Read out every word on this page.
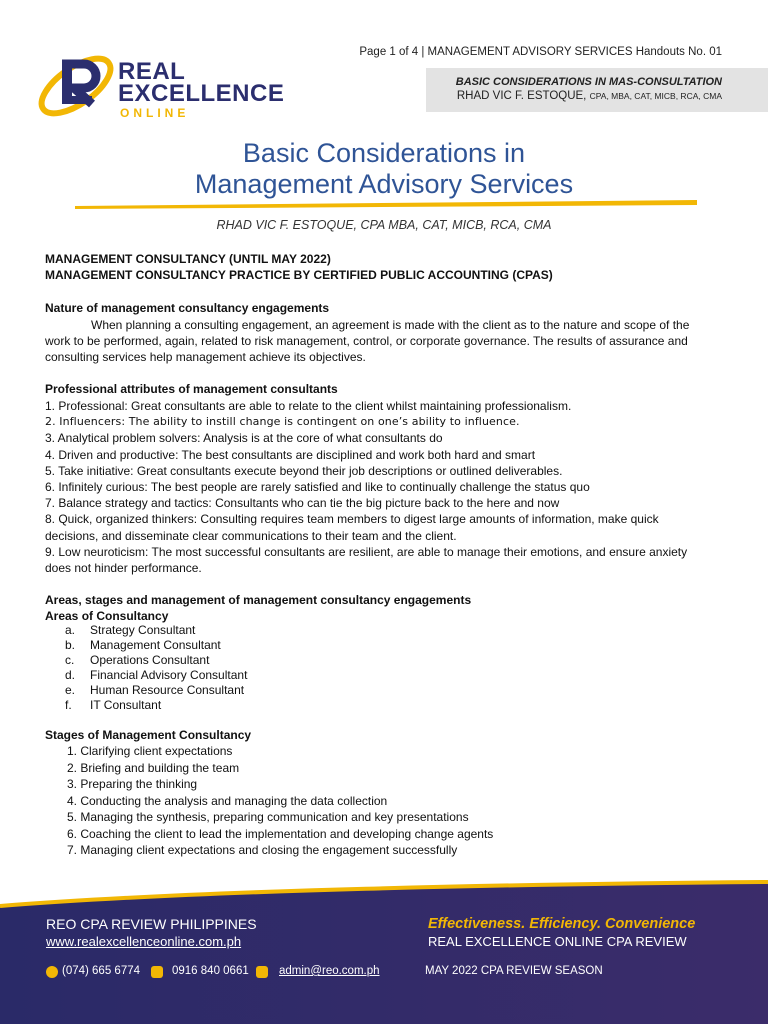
Page 1 of 4 | MANAGEMENT ADVISORY SERVICES Handouts No. 01
REAL
EXCELLENCE
ONLINE
BASIC CONSIDERATIONS IN MAS-CONSULTATION
RHAD VIC F. ESTOQUE, CPA, MBA, CAT, MICB, RCA, CMA
Basic Considerations in
Management Advisory Services
RHAD VIC F. ESTOQUE, CPA MBA, CAT, MICB, RCA, CMA
MANAGEMENT CONSULTANCY (UNTIL MAY 2022)
MANAGEMENT CONSULTANCY PRACTICE BY CERTIFIED PUBLIC ACCOUNTING (CPAS)
Nature of management consultancy engagements
When planning a consulting engagement, an agreement is made with the client as to the nature and scope of the
work to be performed, again, related to risk management, control, or corporate governance. The results of assurance and
consulting services help management achieve its objectives.
Professional attributes of management consultants
1. Professional: Great consultants are able to relate to the client whilst maintaining professionalism.
2. Influencers: The ability to instill change is contingent on one’s ability to influence.
3. Analytical problem solvers: Analysis is at the core of what consultants do
4. Driven and productive: The best consultants are disciplined and work both hard and smart
5. Take initiative: Great consultants execute beyond their job descriptions or outlined deliverables.
6. Infinitely curious: The best people are rarely satisfied and like to continually challenge the status quo
7. Balance strategy and tactics: Consultants who can tie the big picture back to the here and now
8. Quick, organized thinkers: Consulting requires team members to digest large amounts of information, make quick
decisions, and disseminate clear communications to their team and the client.
9. Low neuroticism: The most successful consultants are resilient, are able to manage their emotions, and ensure anxiety
does not hinder performance.
Areas, stages and management of management consultancy engagements
Areas of Consultancy
a.	Strategy Consultant
b.	Management Consultant
c.	Operations Consultant
d.	Financial Advisory Consultant
e.	Human Resource Consultant
f.	IT Consultant
Stages of Management Consultancy
1. Clarifying client expectations
2. Briefing and building the team
3. Preparing the thinking
4. Conducting the analysis and managing the data collection
5. Managing the synthesis, preparing communication and key presentations
6. Coaching the client to lead the implementation and developing change agents
7. Managing client expectations and closing the engagement successfully
REO CPA REVIEW PHILIPPINES
www.realexcellenceonline.com.ph
Effectiveness. Efficiency. Convenience
REAL EXCELLENCE ONLINE CPA REVIEW
(074) 665 6774	0916 840 0661	admin@reo.com.ph	MAY 2022 CPA REVIEW SEASON
